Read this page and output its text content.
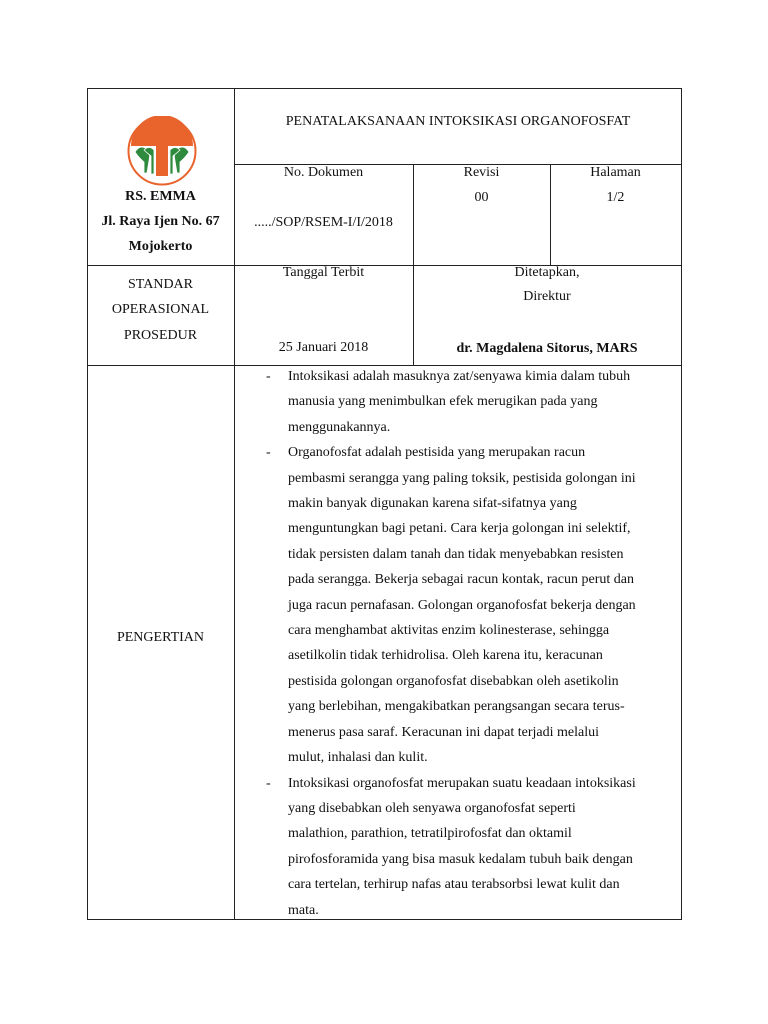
RS. EMMA
Jl. Raya Ijen No. 67
Mojokerto
PENATALAKSANAAN INTOKSIKASI ORGANOFOSFAT
No. Dokumen
...../SOP/RSEM-I/I/2018
Revisi
00
Halaman
1/2
STANDAR
OPERASIONAL
PROSEDUR
Tanggal Terbit
25 Januari 2018
Ditetapkan,
Direktur
dr. Magdalena Sitorus, MARS
PENGERTIAN
- Intoksikasi adalah masuknya zat/senyawa kimia dalam tubuh
manusia yang menimbulkan efek merugikan pada yang
menggunakannya.
- Organofosfat adalah pestisida yang merupakan racun
pembasmi serangga yang paling toksik, pestisida golongan ini
makin banyak digunakan karena sifat-sifatnya yang
menguntungkan bagi petani. Cara kerja golongan ini selektif,
tidak persisten dalam tanah dan tidak menyebabkan resisten
pada serangga. Bekerja sebagai racun kontak, racun perut dan
juga racun pernafasan. Golongan organofosfat bekerja dengan
cara menghambat aktivitas enzim kolinesterase, sehingga
asetilkolin tidak terhidrolisa. Oleh karena itu, keracunan
pestisida golongan organofosfat disebabkan oleh asetikolin
yang berlebihan, mengakibatkan perangsangan secara terus-
menerus pasa saraf. Keracunan ini dapat terjadi melalui
mulut, inhalasi dan kulit.
- Intoksikasi organofosfat merupakan suatu keadaan intoksikasi
yang disebabkan oleh senyawa organofosfat seperti
malathion, parathion, tetratilpirofosfat dan oktamil
pirofosforamida yang bisa masuk kedalam tubuh baik dengan
cara tertelan, terhirup nafas atau terabsorbsi lewat kulit dan
mata.
